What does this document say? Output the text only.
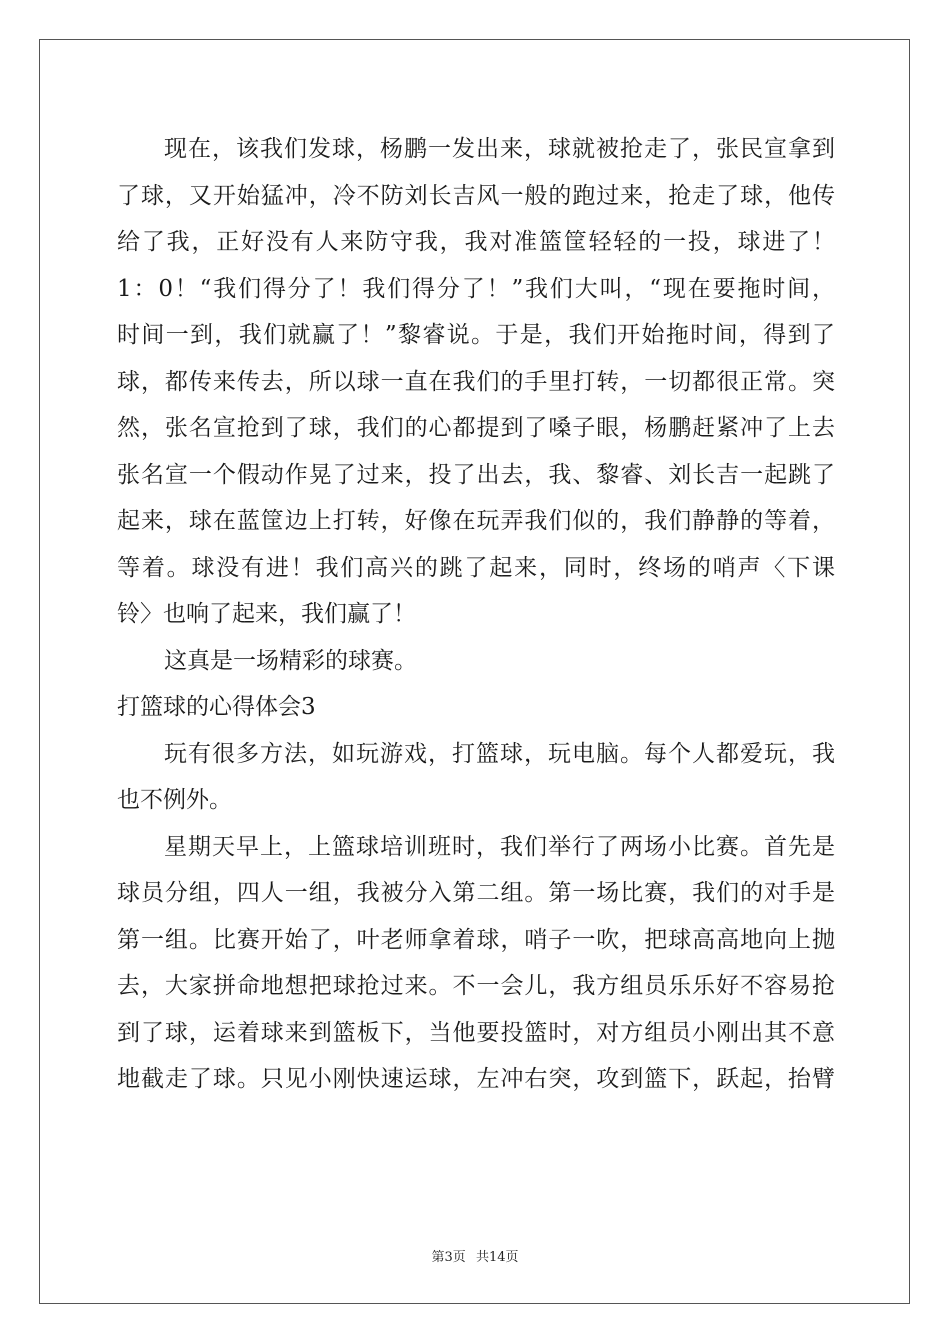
现在，该我们发球，杨鹏一发出来，球就被抢走了，张民宣拿到
了球，又开始猛冲，冷不防刘长吉风一般的跑过来，抢走了球，他传
给了我，正好没有人来防守我，我对准篮筐轻轻的一投，球进了！
1：0！“我们得分了！我们得分了！”我们大叫，“现在要拖时间，
时间一到，我们就赢了！”黎睿说。于是，我们开始拖时间，得到了
球，都传来传去，所以球一直在我们的手里打转，一切都很正常。突
然，张名宣抢到了球，我们的心都提到了嗓子眼，杨鹏赶紧冲了上去
张名宣一个假动作晃了过来，投了出去，我、黎睿、刘长吉一起跳了
起来，球在蓝筐边上打转，好像在玩弄我们似的，我们静静的等着，
等着。球没有进！我们高兴的跳了起来，同时，终场的哨声〈下课
铃〉也响了起来，我们赢了！
这真是一场精彩的球赛。
打篮球的心得体会3
玩有很多方法，如玩游戏，打篮球，玩电脑。每个人都爱玩，我
也不例外。
星期天早上，上篮球培训班时，我们举行了两场小比赛。首先是
球员分组，四人一组，我被分入第二组。第一场比赛，我们的对手是
第一组。比赛开始了，叶老师拿着球，哨子一吹，把球高高地向上抛
去，大家拼命地想把球抢过来。不一会儿，我方组员乐乐好不容易抢
到了球，运着球来到篮板下，当他要投篮时，对方组员小刚出其不意
地截走了球。只见小刚快速运球，左冲右突，攻到篮下，跃起，抬臂
第3页 共14页
